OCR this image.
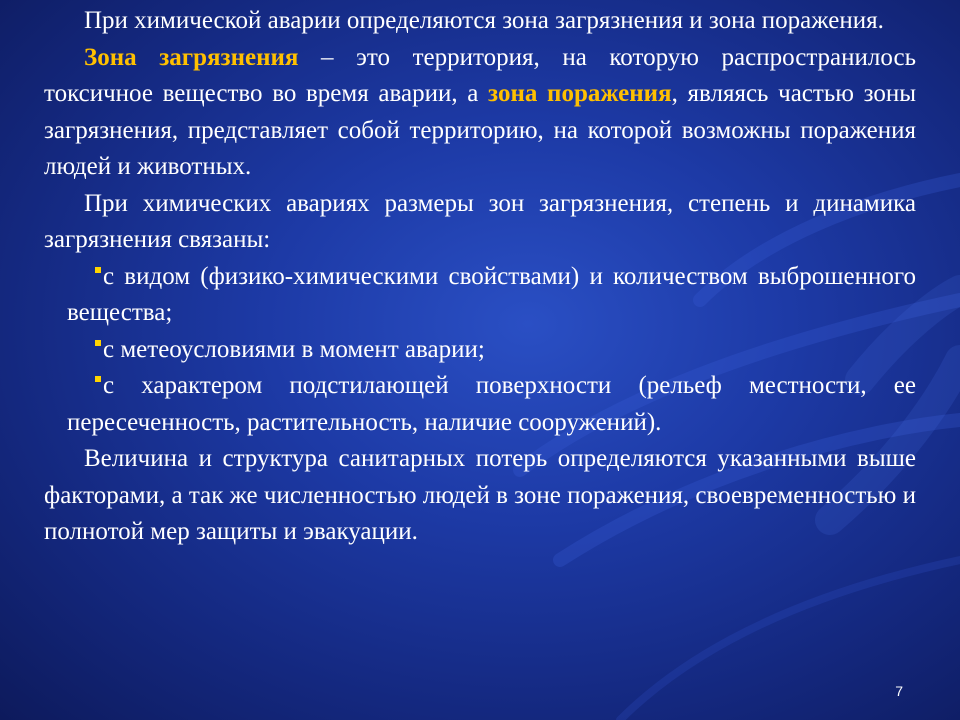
При химической аварии определяются зона загрязнения и зона поражения.

Зона загрязнения – это территория, на которую распространилось токсичное вещество во время аварии, а зона поражения, являясь частью зоны загрязнения, представляет собой территорию, на которой возможны поражения людей и животных.

При химических авариях размеры зон загрязнения, степень и динамика загрязнения связаны:

с видом (физико-химическими свойствами) и количеством выброшенного вещества;

с метеоусловиями в момент аварии;

с характером подстилающей поверхности (рельеф местности, ее пересеченность, растительность, наличие сооружений).

Величина и структура санитарных потерь определяются указанными выше факторами, а так же численностью людей в зоне поражения, своевременностью и полнотой мер защиты и эвакуации.

7
